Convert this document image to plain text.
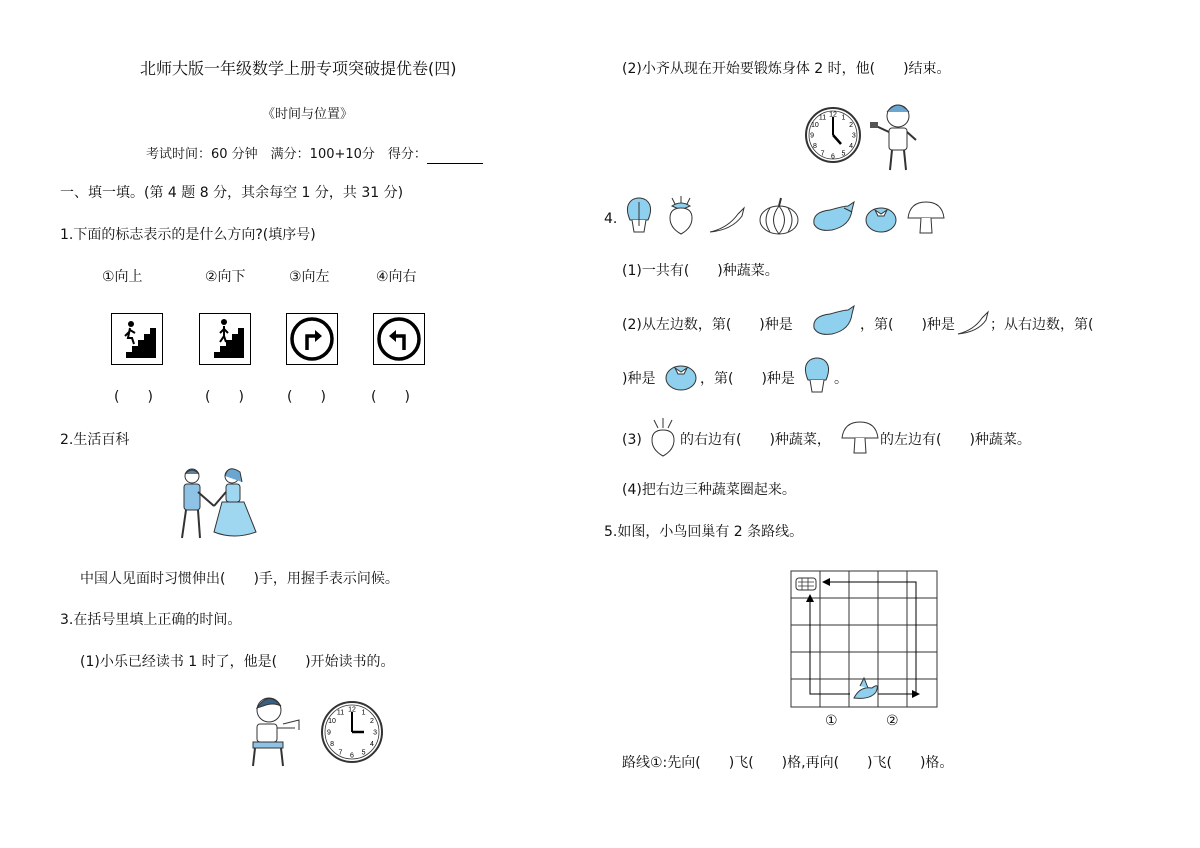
北师大版一年级数学上册专项突破提优卷(四)
《时间与位置》
考试时间：60 分钟　满分：100+10分　得分：
一、填一填。(第 4 题 8 分，其余每空 1 分，共 31 分)
1.下面的标志表示的是什么方向?(填序号)
①向上	②向下	③向左	④向右
(　　)	(　　)	(　　)	(　　)
2.生活百科
中国人见面时习惯伸出(　　)手，用握手表示问候。
3.在括号里填上正确的时间。
(1)小乐已经读书 1 时了，他是(　　)开始读书的。
12 1
2
3
4
5
6
7
8
9
10
11
(2)小齐从现在开始要锻炼身体 2 时，他(　　)结束。
12 1
2
3
4
5
6
7
8
9
10
11
4.
(1)一共有(　　)种蔬菜。
(2)从左边数，第(　　)种是	，第(　　)种是	；从右边数，第(
)种是	，第(　　)种是	。
(3)	的右边有(　　)种蔬菜，	的左边有(　　)种蔬菜。
(4)把右边三种蔬菜圈起来。
5.如图，小鸟回巢有 2 条路线。
①	②
路线①:先向(　　)飞(　　)格,再向(　　)飞(　　)格。
